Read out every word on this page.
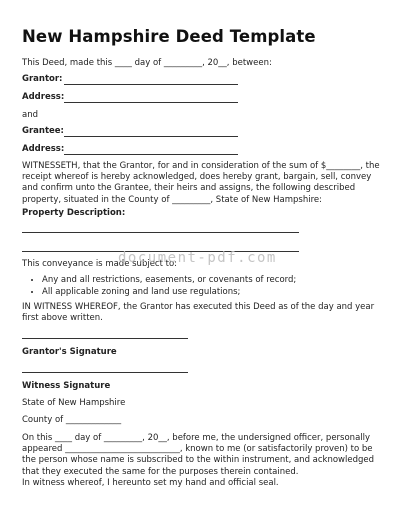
New Hampshire Deed Template
This Deed, made this ____ day of _________, 20__, between:
Grantor:
Address:
and
Grantee:
Address:
WITNESSETH, that the Grantor, for and in consideration of the sum of $________, the receipt whereof is hereby acknowledged, does hereby grant, bargain, sell, convey and confirm unto the Grantee, their heirs and assigns, the following described property, situated in the County of _________, State of New Hampshire:
Property Description:
This conveyance is made subject to:
• Any and all restrictions, easements, or covenants of record;
• All applicable zoning and land use regulations;
IN WITNESS WHEREOF, the Grantor has executed this Deed as of the day and year first above written.
Grantor's Signature
Witness Signature
State of New Hampshire
County of _____________
On this ____ day of _________, 20__, before me, the undersigned officer, personally appeared ___________________________, known to me (or satisfactorily proven) to be the person whose name is subscribed to the within instrument, and acknowledged that they executed the same for the purposes therein contained.
In witness whereof, I hereunto set my hand and official seal.
document-pdf.com
